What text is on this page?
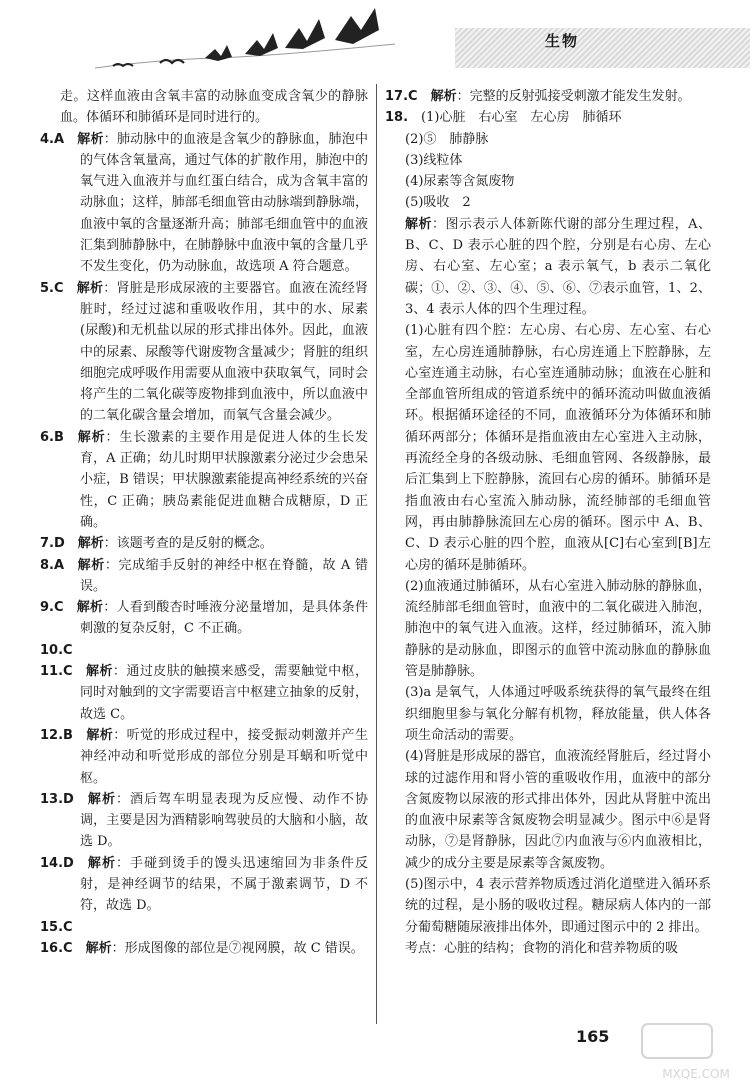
生物

走。这样血液由含氧丰富的动脉血变成含氧少的静脉血。体循环和肺循环是同时进行的。

4.A  解析：肺动脉中的血液是含氧少的静脉血，肺泡中的气体含氧量高，通过气体的扩散作用，肺泡中的氧气进入血液并与血红蛋白结合，成为含氧丰富的动脉血；这样，肺部毛细血管由动脉端到静脉端，血液中氧的含量逐渐升高；肺部毛细血管中的血液汇集到肺静脉中，在肺静脉中血液中氧的含量几乎不发生变化，仍为动脉血，故选项 A 符合题意。

5.C  解析：肾脏是形成尿液的主要器官。血液在流经肾脏时，经过过滤和重吸收作用，其中的水、尿素(尿酸)和无机盐以尿的形式排出体外。因此，血液中的尿素、尿酸等代谢废物含量减少；肾脏的组织细胞完成呼吸作用需要从血液中获取氧气，同时会将产生的二氧化碳等废物排到血液中，所以血液中的二氧化碳含量会增加，而氧气含量会减少。

6.B  解析：生长激素的主要作用是促进人体的生长发育，A 正确；幼儿时期甲状腺激素分泌过少会患呆小症，B 错误；甲状腺激素能提高神经系统的兴奋性，C 正确；胰岛素能促进血糖合成糖原，D 正确。

7.D  解析：该题考查的是反射的概念。

8.A  解析：完成缩手反射的神经中枢在脊髓，故 A 错误。

9.C  解析：人看到酸杏时唾液分泌量增加，是具体条件刺激的复杂反射，C 不正确。

10.C 

11.C  解析：通过皮肤的触摸来感受，需要触觉中枢，同时对触到的文字需要语言中枢建立抽象的反射，故选 C。

12.B  解析：听觉的形成过程中，接受振动刺激并产生神经冲动和听觉形成的部位分别是耳蜗和听觉中枢。

13.D  解析：酒后驾车明显表现为反应慢、动作不协调，主要是因为酒精影响驾驶员的大脑和小脑，故选 D。

14.D  解析：手碰到烫手的馒头迅速缩回为非条件反射，是神经调节的结果，不属于激素调节，D 不符，故选 D。

15.C 

16.C  解析：形成图像的部位是⑦视网膜，故 C 错误。

17.C  解析：完整的反射弧接受刺激才能发生发射。

18.  (1)心脏　右心室　左心房　肺循环

(2)⑤　肺静脉

(3)线粒体

(4)尿素等含氮废物

(5)吸收　2

解析：图示表示人体新陈代谢的部分生理过程，A、B、C、D 表示心脏的四个腔，分别是右心房、左心房、右心室、左心室；a 表示氧气，b 表示二氧化碳；①、②、③、④、⑤、⑥、⑦表示血管，1、2、3、4 表示人体的四个生理过程。

(1)心脏有四个腔：左心房、右心房、左心室、右心室，左心房连通肺静脉，右心房连通上下腔静脉，左心室连通主动脉，右心室连通肺动脉；血液在心脏和全部血管所组成的管道系统中的循环流动叫做血液循环。根据循环途径的不同，血液循环分为体循环和肺循环两部分；体循环是指血液由左心室进入主动脉，再流经全身的各级动脉、毛细血管网、各级静脉，最后汇集到上下腔静脉，流回右心房的循环。肺循环是指血液由右心室流入肺动脉，流经肺部的毛细血管网，再由肺静脉流回左心房的循环。图示中 A、B、C、D 表示心脏的四个腔，血液从[C]右心室到[B]左心房的循环是肺循环。

(2)血液通过肺循环，从右心室进入肺动脉的静脉血，流经肺部毛细血管时，血液中的二氧化碳进入肺泡，肺泡中的氧气进入血液。这样，经过肺循环，流入肺静脉的是动脉血，即图示的血管中流动脉血的静脉血管是肺静脉。

(3)a 是氧气，人体通过呼吸系统获得的氧气最终在组织细胞里参与氧化分解有机物，释放能量，供人体各项生命活动的需要。

(4)肾脏是形成尿的器官，血液流经肾脏后，经过肾小球的过滤作用和肾小管的重吸收作用，血液中的部分含氮废物以尿液的形式排出体外，因此从肾脏中流出的血液中尿素等含氮废物会明显减少。图示中⑥是肾动脉，⑦是肾静脉，因此⑦内血液与⑥内血液相比，减少的成分主要是尿素等含氮废物。

(5)图示中，4 表示营养物质透过消化道壁进入循环系统的过程，是小肠的吸收过程。糖尿病人体内的一部分葡萄糖随尿液排出体外，即通过图示中的 2 排出。

考点：心脏的结构；食物的消化和营养物质的吸

165
MXQE.COM
